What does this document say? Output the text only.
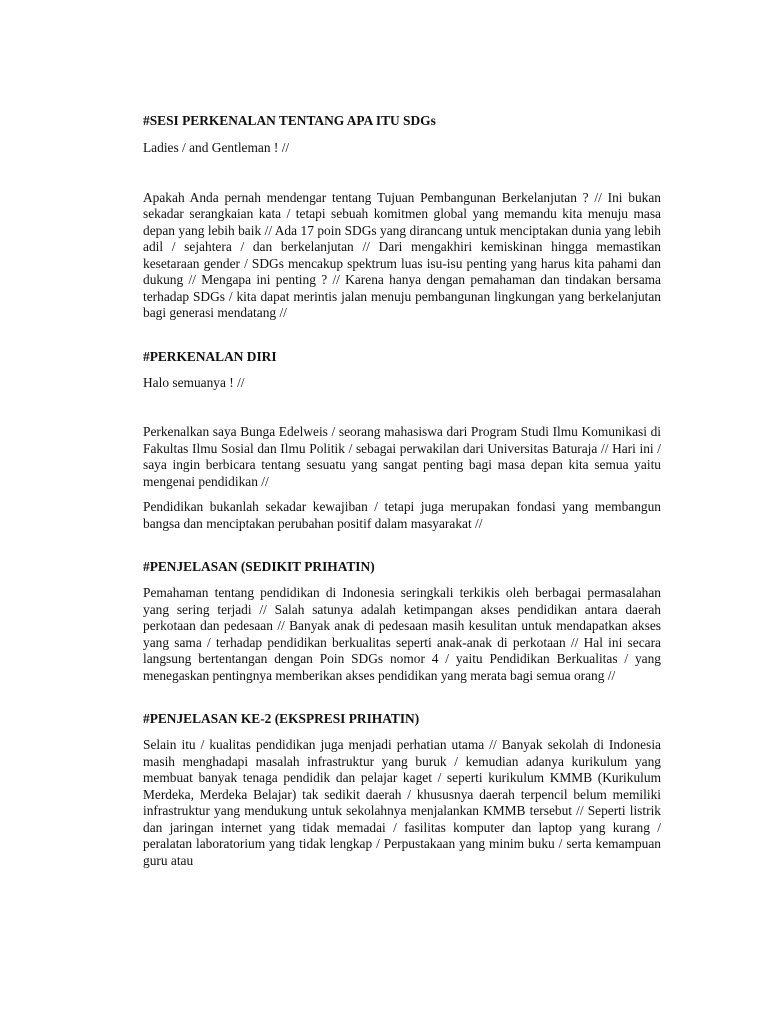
#SESI PERKENALAN TENTANG APA ITU SDGs

Ladies / and Gentleman ! //

Apakah Anda pernah mendengar tentang Tujuan Pembangunan Berkelanjutan ? // Ini bukan sekadar serangkaian kata / tetapi sebuah komitmen global yang memandu kita menuju masa depan yang lebih baik // Ada 17 poin SDGs yang dirancang untuk menciptakan dunia yang lebih adil / sejahtera / dan berkelanjutan // Dari mengakhiri kemiskinan hingga memastikan kesetaraan gender / SDGs mencakup spektrum luas isu-isu penting yang harus kita pahami dan dukung // Mengapa ini penting ? // Karena hanya dengan pemahaman dan tindakan bersama terhadap SDGs / kita dapat merintis jalan menuju pembangunan lingkungan yang berkelanjutan bagi generasi mendatang //

#PERKENALAN DIRI

Halo semuanya ! //

Perkenalkan saya Bunga Edelweis / seorang mahasiswa dari Program Studi Ilmu Komunikasi di Fakultas Ilmu Sosial dan Ilmu Politik / sebagai perwakilan dari Universitas Baturaja // Hari ini / saya ingin berbicara tentang sesuatu yang sangat penting bagi masa depan kita semua yaitu mengenai pendidikan //

Pendidikan bukanlah sekadar kewajiban / tetapi juga merupakan fondasi yang membangun bangsa dan menciptakan perubahan positif dalam masyarakat //

#PENJELASAN (SEDIKIT PRIHATIN)

Pemahaman tentang pendidikan di Indonesia seringkali terkikis oleh berbagai permasalahan yang sering terjadi // Salah satunya adalah ketimpangan akses pendidikan antara daerah perkotaan dan pedesaan // Banyak anak di pedesaan masih kesulitan untuk mendapatkan akses yang sama / terhadap pendidikan berkualitas seperti anak-anak di perkotaan // Hal ini secara langsung bertentangan dengan Poin SDGs nomor 4 / yaitu Pendidikan Berkualitas / yang menegaskan pentingnya memberikan akses pendidikan yang merata bagi semua orang //

#PENJELASAN KE-2 (EKSPRESI PRIHATIN)

Selain itu / kualitas pendidikan juga menjadi perhatian utama // Banyak sekolah di Indonesia masih menghadapi masalah infrastruktur yang buruk / kemudian adanya kurikulum yang membuat banyak tenaga pendidik dan pelajar kaget / seperti kurikulum KMMB (Kurikulum Merdeka, Merdeka Belajar) tak sedikit daerah / khususnya daerah terpencil belum memiliki infrastruktur yang mendukung untuk sekolahnya menjalankan KMMB tersebut // Seperti listrik dan jaringan internet yang tidak memadai / fasilitas komputer dan laptop yang kurang / peralatan laboratorium yang tidak lengkap / Perpustakaan yang minim buku / serta kemampuan guru atau
